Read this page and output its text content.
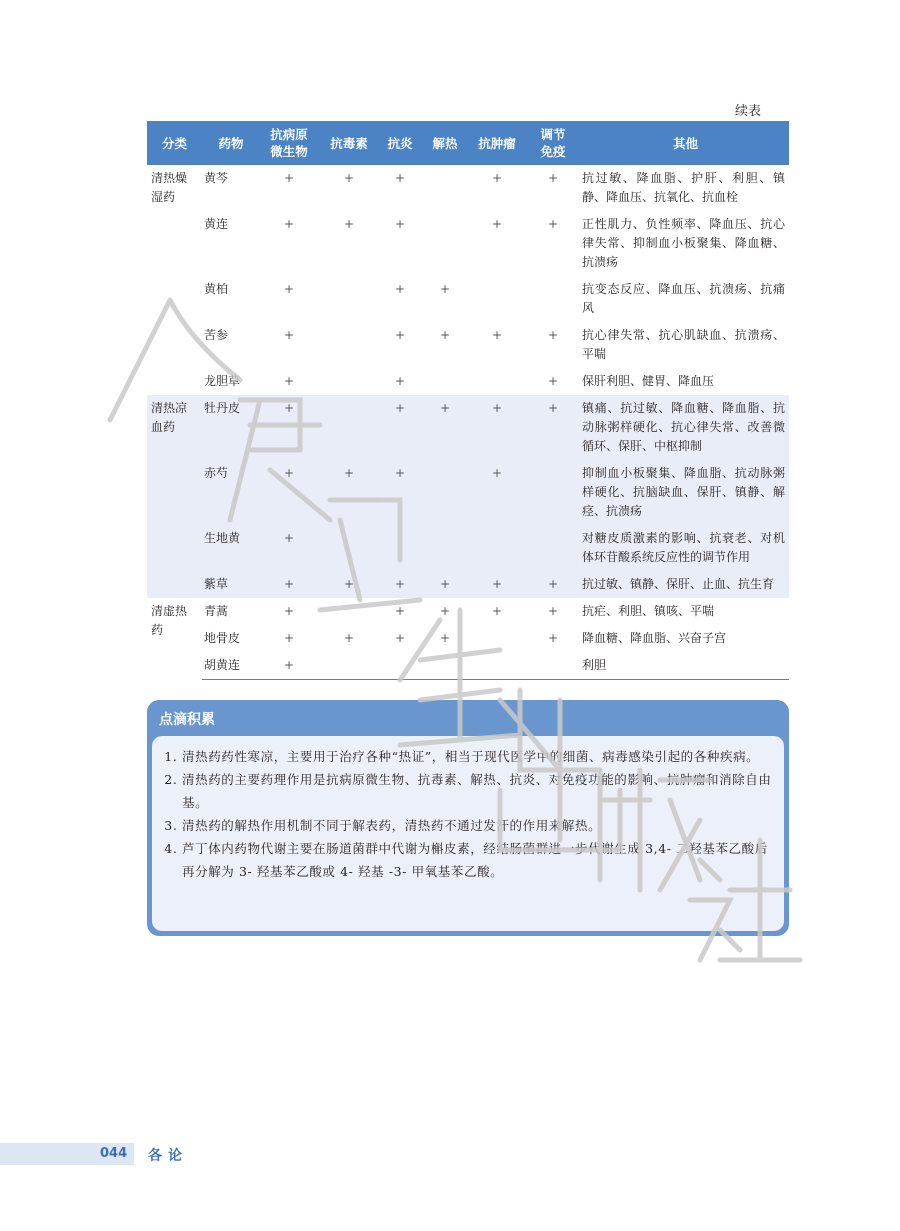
续表
分类	药物	抗病原微生物	抗毒素	抗炎	解热	抗肿瘤	调节免疫	其他
清热燥湿药	黄芩	+	+	+		+	+	抗过敏、降血脂、护肝、利胆、镇静、降血压、抗氧化、抗血栓
	黄连	+	+	+		+	+	正性肌力、负性频率、降血压、抗心律失常、抑制血小板聚集、降血糖、抗溃疡
	黄柏	+		+	+			抗变态反应、降血压、抗溃疡、抗痛风
	苦参	+		+	+	+	+	抗心律失常、抗心肌缺血、抗溃疡、平喘
	龙胆草	+		+			+	保肝利胆、健胃、降血压
清热凉血药	牡丹皮	+		+	+	+	+	镇痛、抗过敏、降血糖、降血脂、抗动脉粥样硬化、抗心律失常、改善微循环、保肝、中枢抑制
	赤芍	+	+	+		+		抑制血小板聚集、降血脂、抗动脉粥样硬化、抗脑缺血、保肝、镇静、解痉、抗溃疡
	生地黄	+						对糖皮质激素的影响、抗衰老、对机体环苷酸系统反应性的调节作用
	紫草	+	+	+	+	+	+	抗过敏、镇静、保肝、止血、抗生育
清虚热药	青蒿	+		+	+	+	+	抗疟、利胆、镇咳、平喘
	地骨皮	+	+	+	+		+	降血糖、降血脂、兴奋子宫
	胡黄连	+						利胆
点滴积累
1. 清热药药性寒凉，主要用于治疗各种“热证”，相当于现代医学中的细菌、病毒感染引起的各种疾病。
2. 清热药的主要药理作用是抗病原微生物、抗毒素、解热、抗炎、对免疫功能的影响、抗肿瘤和消除自由基。
3. 清热药的解热作用机制不同于解表药，清热药不通过发汗的作用来解热。
4. 芦丁体内药物代谢主要在肠道菌群中代谢为槲皮素，经结肠菌群进一步代谢生成 3,4- 二羟基苯乙酸后再分解为 3- 羟基苯乙酸或 4- 羟基 -3- 甲氧基苯乙酸。
044 各论
